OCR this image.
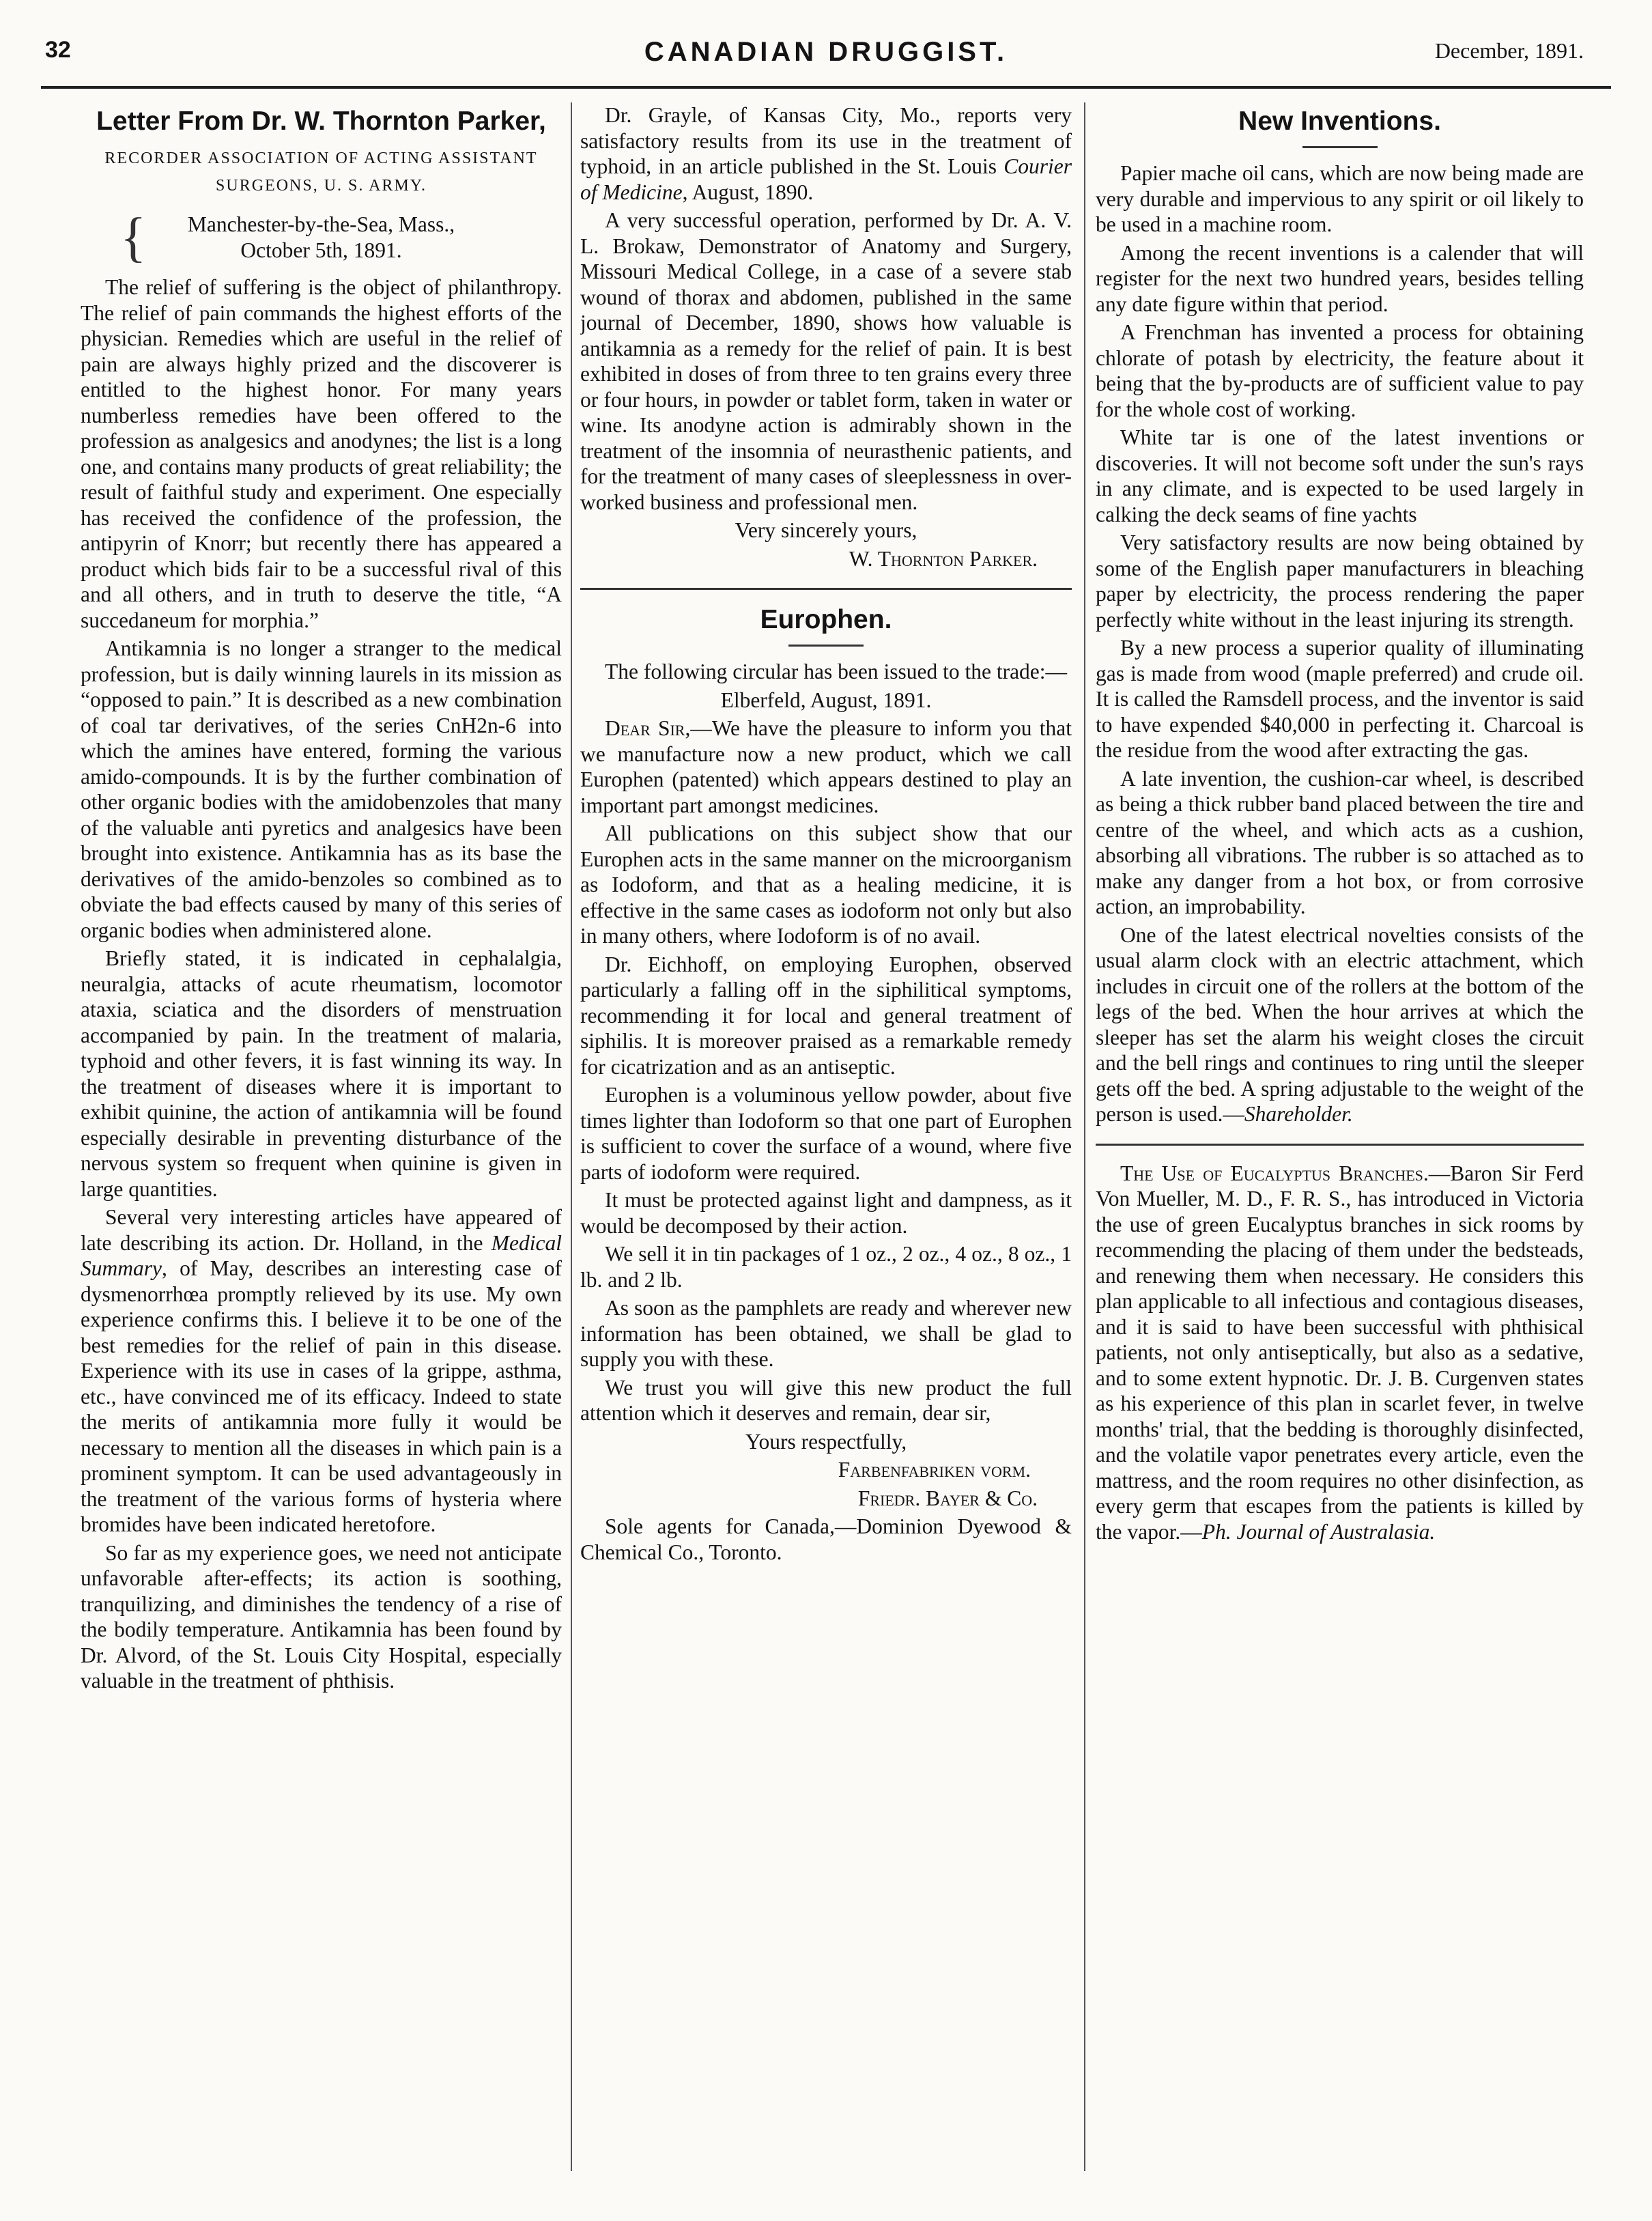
32	CANADIAN DRUGGIST.	December, 1891.
Letter From Dr. W. Thornton Parker,
RECORDER ASSOCIATION OF ACTING ASSISTANT
SURGEONS, U. S. ARMY.
{	Manchester-by-the-Sea, Mass.,
October 5th, 1891.

The relief of suffering is the object of philanthropy. The relief of pain commands the highest efforts of the physician. Remedies which are useful in the relief of pain are always highly prized and the discoverer is entitled to the highest honor. For many years numberless remedies have been offered to the profession as analgesics and anodynes; the list is a long one, and contains many products of great reliability; the result of faithful study and experiment. One especially has received the confidence of the profession, the antipyrin of Knorr; but recently there has appeared a product which bids fair to be a successful rival of this and all others, and in truth to deserve the title, “A succedaneum for morphia.”

Antikamnia is no longer a stranger to the medical profession, but is daily winning laurels in its mission as “opposed to pain.” It is described as a new combination of coal tar derivatives, of the series CnH2n-6 into which the amines have entered, forming the various amido-compounds. It is by the further combination of other organic bodies with the amidobenzoles that many of the valuable anti pyretics and analgesics have been brought into existence. Antikamnia has as its base the derivatives of the amido-benzoles so combined as to obviate the bad effects caused by many of this series of organic bodies when administered alone.

Briefly stated, it is indicated in cephalalgia, neuralgia, attacks of acute rheumatism, locomotor ataxia, sciatica and the disorders of menstruation accompanied by pain. In the treatment of malaria, typhoid and other fevers, it is fast winning its way. In the treatment of diseases where it is important to exhibit quinine, the action of antikamnia will be found especially desirable in preventing disturbance of the nervous system so frequent when quinine is given in large quantities.

Several very interesting articles have appeared of late describing its action. Dr. Holland, in the Medical Summary, of May, describes an interesting case of dysmenorrhœa promptly relieved by its use. My own experience confirms this. I believe it to be one of the best remedies for the relief of pain in this disease. Experience with its use in cases of la grippe, asthma, etc., have convinced me of its efficacy. Indeed to state the merits of antikamnia more fully it would be necessary to mention all the diseases in which pain is a prominent symptom. It can be used advantageously in the treatment of the various forms of hysteria where bromides have been indicated heretofore.

So far as my experience goes, we need not anticipate unfavorable after-effects; its action is soothing, tranquilizing, and diminishes the tendency of a rise of the bodily temperature. Antikamnia has been found by Dr. Alvord, of the St. Louis City Hospital, especially valuable in the treatment of phthisis.

Dr. Grayle, of Kansas City, Mo., reports very satisfactory results from its use in the treatment of typhoid, in an article published in the St. Louis Courier of Medicine, August, 1890.

A very successful operation, performed by Dr. A. V. L. Brokaw, Demonstrator of Anatomy and Surgery, Missouri Medical College, in a case of a severe stab wound of thorax and abdomen, published in the same journal of December, 1890, shows how valuable is antikamnia as a remedy for the relief of pain. It is best exhibited in doses of from three to ten grains every three or four hours, in powder or tablet form, taken in water or wine. Its anodyne action is admirably shown in the treatment of the insomnia of neurasthenic patients, and for the treatment of many cases of sleeplessness in over-worked business and professional men.

Very sincerely yours,

W. Thornton Parker.

Europhen.

The following circular has been issued to the trade:—

Elberfeld, August, 1891.

Dear Sir,—We have the pleasure to inform you that we manufacture now a new product, which we call Europhen (patented) which appears destined to play an important part amongst medicines.

All publications on this subject show that our Europhen acts in the same manner on the microorganism as Iodoform, and that as a healing medicine, it is effective in the same cases as iodoform not only but also in many others, where Iodoform is of no avail.

Dr. Eichhoff, on employing Europhen, observed particularly a falling off in the siphilitical symptoms, recommending it for local and general treatment of siphilis. It is moreover praised as a remarkable remedy for cicatrization and as an antiseptic.

Europhen is a voluminous yellow powder, about five times lighter than Iodoform so that one part of Europhen is sufficient to cover the surface of a wound, where five parts of iodoform were required.

It must be protected against light and dampness, as it would be decomposed by their action.

We sell it in tin packages of 1 oz., 2 oz., 4 oz., 8 oz., 1 lb. and 2 lb.

As soon as the pamphlets are ready and wherever new information has been obtained, we shall be glad to supply you with these.

We trust you will give this new product the full attention which it deserves and remain, dear sir,

Yours respectfully,

Farbenfabriken vorm.

Friedr. Bayer & Co.

Sole agents for Canada,—Dominion Dyewood & Chemical Co., Toronto.

New Inventions.

Papier mache oil cans, which are now being made are very durable and impervious to any spirit or oil likely to be used in a machine room.

Among the recent inventions is a calender that will register for the next two hundred years, besides telling any date figure within that period.

A Frenchman has invented a process for obtaining chlorate of potash by electricity, the feature about it being that the by-products are of sufficient value to pay for the whole cost of working.

White tar is one of the latest inventions or discoveries. It will not become soft under the sun's rays in any climate, and is expected to be used largely in calking the deck seams of fine yachts

Very satisfactory results are now being obtained by some of the English paper manufacturers in bleaching paper by electricity, the process rendering the paper perfectly white without in the least injuring its strength.

By a new process a superior quality of illuminating gas is made from wood (maple preferred) and crude oil. It is called the Ramsdell process, and the inventor is said to have expended $40,000 in perfecting it. Charcoal is the residue from the wood after extracting the gas.

A late invention, the cushion-car wheel, is described as being a thick rubber band placed between the tire and centre of the wheel, and which acts as a cushion, absorbing all vibrations. The rubber is so attached as to make any danger from a hot box, or from corrosive action, an improbability.

One of the latest electrical novelties consists of the usual alarm clock with an electric attachment, which includes in circuit one of the rollers at the bottom of the legs of the bed. When the hour arrives at which the sleeper has set the alarm his weight closes the circuit and the bell rings and continues to ring until the sleeper gets off the bed. A spring adjustable to the weight of the person is used.—Shareholder.

The Use of Eucalyptus Branches.—Baron Sir Ferd Von Mueller, M. D., F. R. S., has introduced in Victoria the use of green Eucalyptus branches in sick rooms by recommending the placing of them under the bedsteads, and renewing them when necessary. He considers this plan applicable to all infectious and contagious diseases, and it is said to have been successful with phthisical patients, not only antiseptically, but also as a sedative, and to some extent hypnotic. Dr. J. B. Curgenven states as his experience of this plan in scarlet fever, in twelve months' trial, that the bedding is thoroughly disinfected, and the volatile vapor penetrates every article, even the mattress, and the room requires no other disinfection, as every germ that escapes from the patients is killed by the vapor.—Ph. Journal of Australasia.
